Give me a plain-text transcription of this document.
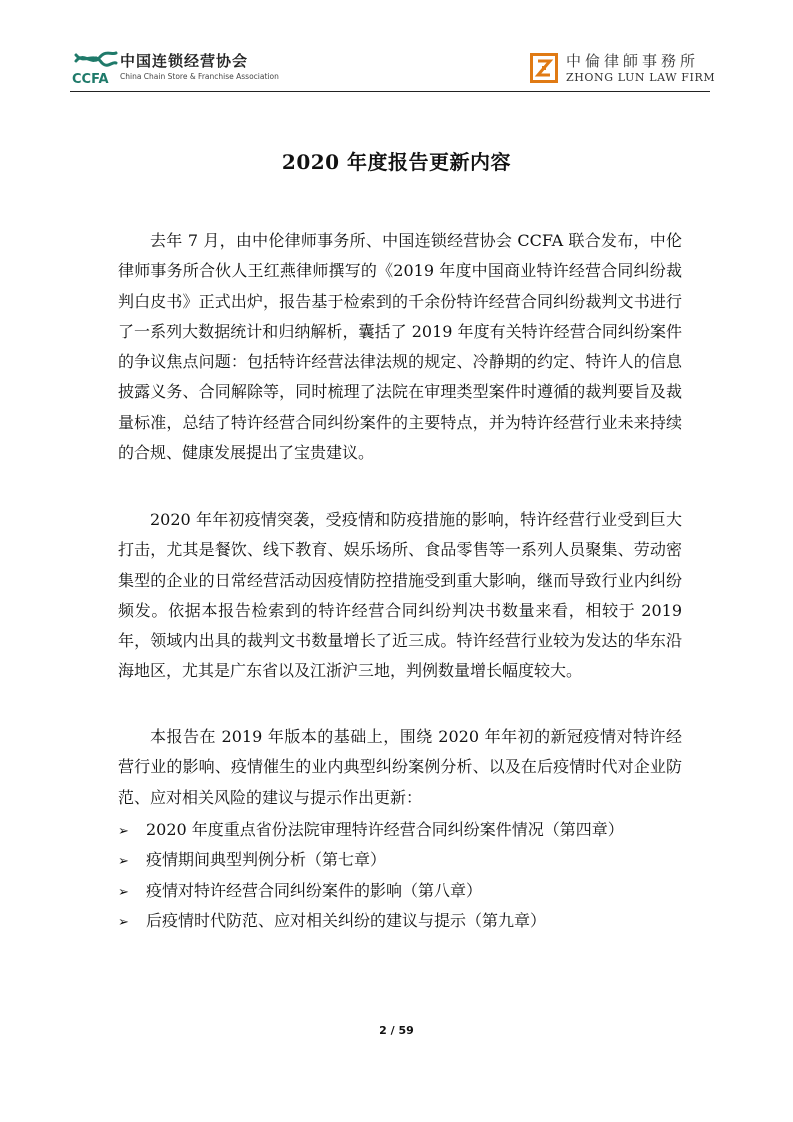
CCFA
中国连锁经营协会
China Chain Store & Franchise Association
中倫律師事務所
ZHONG LUN LAW FIRM
2020 年度报告更新内容

去年 7 月，由中伦律师事务所、中国连锁经营协会 CCFA 联合发布，中伦律师事务所合伙人王红燕律师撰写的《2019 年度中国商业特许经营合同纠纷裁判白皮书》正式出炉，报告基于检索到的千余份特许经营合同纠纷裁判文书进行了一系列大数据统计和归纳解析，囊括了 2019 年度有关特许经营合同纠纷案件的争议焦点问题：包括特许经营法律法规的规定、冷静期的约定、特许人的信息披露义务、合同解除等，同时梳理了法院在审理类型案件时遵循的裁判要旨及裁量标准，总结了特许经营合同纠纷案件的主要特点，并为特许经营行业未来持续的合规、健康发展提出了宝贵建议。

2020 年年初疫情突袭，受疫情和防疫措施的影响，特许经营行业受到巨大打击，尤其是餐饮、线下教育、娱乐场所、食品零售等一系列人员聚集、劳动密集型的企业的日常经营活动因疫情防控措施受到重大影响，继而导致行业内纠纷频发。依据本报告检索到的特许经营合同纠纷判决书数量来看，相较于 2019 年，领域内出具的裁判文书数量增长了近三成。特许经营行业较为发达的华东沿海地区，尤其是广东省以及江浙沪三地，判例数量增长幅度较大。

本报告在 2019 年版本的基础上，围绕 2020 年年初的新冠疫情对特许经营行业的影响、疫情催生的业内典型纠纷案例分析、以及在后疫情时代对企业防范、应对相关风险的建议与提示作出更新：

➢ 2020 年度重点省份法院审理特许经营合同纠纷案件情况（第四章）
➢ 疫情期间典型判例分析（第七章）
➢ 疫情对特许经营合同纠纷案件的影响（第八章）
➢ 后疫情时代防范、应对相关纠纷的建议与提示（第九章）
2 / 59
